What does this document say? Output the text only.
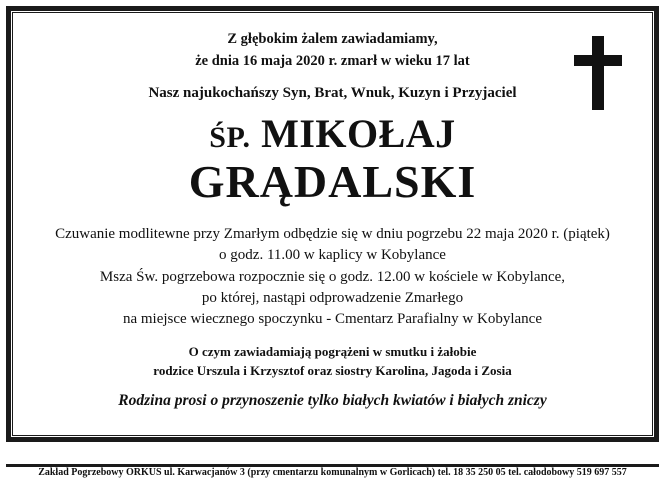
Z głębokim żalem zawiadamiamy,
że dnia 16 maja 2020 r. zmarł w wieku 17 lat
Nasz najukochańszy Syn, Brat, Wnuk, Kuzyn i Przyjaciel
ŚP. MIKOŁAJ
GRĄDALSKI
Czuwanie modlitewne przy Zmarłym odbędzie się w dniu pogrzebu 22 maja 2020 r. (piątek)
o godz. 11.00 w kaplicy w Kobylance
Msza Św. pogrzebowa rozpocznie się o godz. 12.00 w kościele w Kobylance,
po której, nastąpi odprowadzenie Zmarłego
na miejsce wiecznego spoczynku - Cmentarz Parafialny w Kobylance
O czym zawiadamiają pogrążeni w smutku i żałobie
rodzice Urszula i Krzysztof oraz siostry Karolina, Jagoda i Zosia
Rodzina prosi o przynoszenie tylko białych kwiatów i białych zniczy
Zakład Pogrzebowy ORKUS ul. Karwacjanów 3 (przy cmentarzu komunalnym w Gorlicach) tel. 18 35 250 05 tel. całodobowy 519 697 557
